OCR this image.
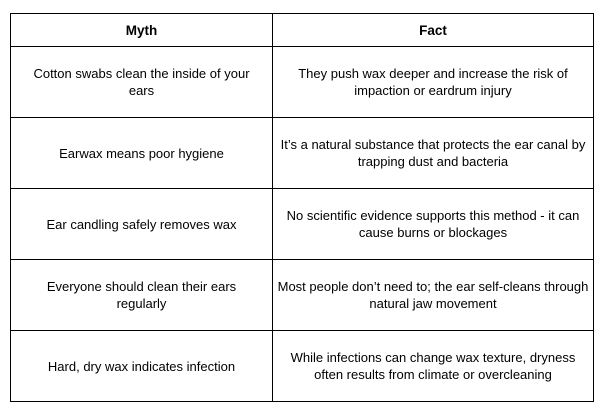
Myth	Fact
Cotton swabs clean the inside of your ears	They push wax deeper and increase the risk of impaction or eardrum injury
Earwax means poor hygiene	It’s a natural substance that protects the ear canal by trapping dust and bacteria
Ear candling safely removes wax	No scientific evidence supports this method - it can cause burns or blockages
Everyone should clean their ears regularly	Most people don’t need to; the ear self-cleans through natural jaw movement
Hard, dry wax indicates infection	While infections can change wax texture, dryness often results from climate or overcleaning
